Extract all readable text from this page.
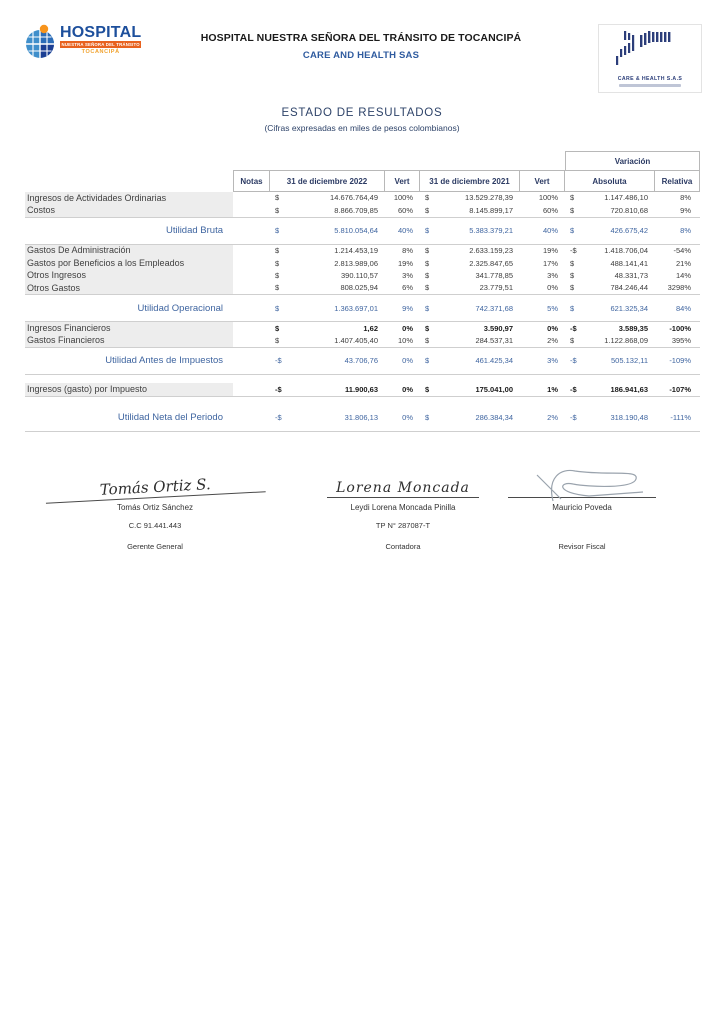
HOSPITAL
NUESTRA SEÑORA DEL TRÁNSITO
TOCANCIPÁ
HOSPITAL NUESTRA SEÑORA DEL TRÁNSITO DE TOCANCIPÁ
CARE AND HEALTH SAS
CARE & HEALTH S.A.S
ESTADO DE RESULTADOS
(Cifras expresadas en miles de pesos colombianos)
Variación
Notas	31 de diciembre 2022	Vert	31 de diciembre 2021	Vert	Absoluta	Relativa
Ingresos de Actividades Ordinarias	$	14.676.764,49	100%	$	13.529.278,39	100%	$	1.147.486,10	8%
Costos	$	8.866.709,85	60%	$	8.145.899,17	60%	$	720.810,68	9%
Utilidad Bruta	$	5.810.054,64	40%	$	5.383.379,21	40%	$	426.675,42	8%
Gastos De Administración	$	1.214.453,19	8%	$	2.633.159,23	19%	-$	1.418.706,04	-54%
Gastos por Beneficios a los Empleados	$	2.813.989,06	19%	$	2.325.847,65	17%	$	488.141,41	21%
Otros Ingresos	$	390.110,57	3%	$	341.778,85	3%	$	48.331,73	14%
Otros Gastos	$	808.025,94	6%	$	23.779,51	0%	$	784.246,44	3298%
Utilidad Operacional	$	1.363.697,01	9%	$	742.371,68	5%	$	621.325,34	84%
Ingresos Financieros	$	1,62	0%	$	3.590,97	0%	-$	3.589,35	-100%
Gastos Financieros	$	1.407.405,40	10%	$	284.537,31	2%	$	1.122.868,09	395%
Utilidad Antes de Impuestos	-$	43.706,76	0%	$	461.425,34	3%	-$	505.132,11	-109%
Ingresos (gasto) por Impuesto	-$	11.900,63	0%	$	175.041,00	1%	-$	186.941,63	-107%
Utilidad Neta del Periodo	-$	31.806,13	0%	$	286.384,34	2%	-$	318.190,48	-111%
Tomás Ortiz S.
Tomás Ortiz Sánchez
C.C 91.441.443
Gerente General
Lorena Moncada
Leydi Lorena Moncada Pinilla
TP N° 287087-T
Contadora
Mauricio Poveda
Revisor Fiscal
